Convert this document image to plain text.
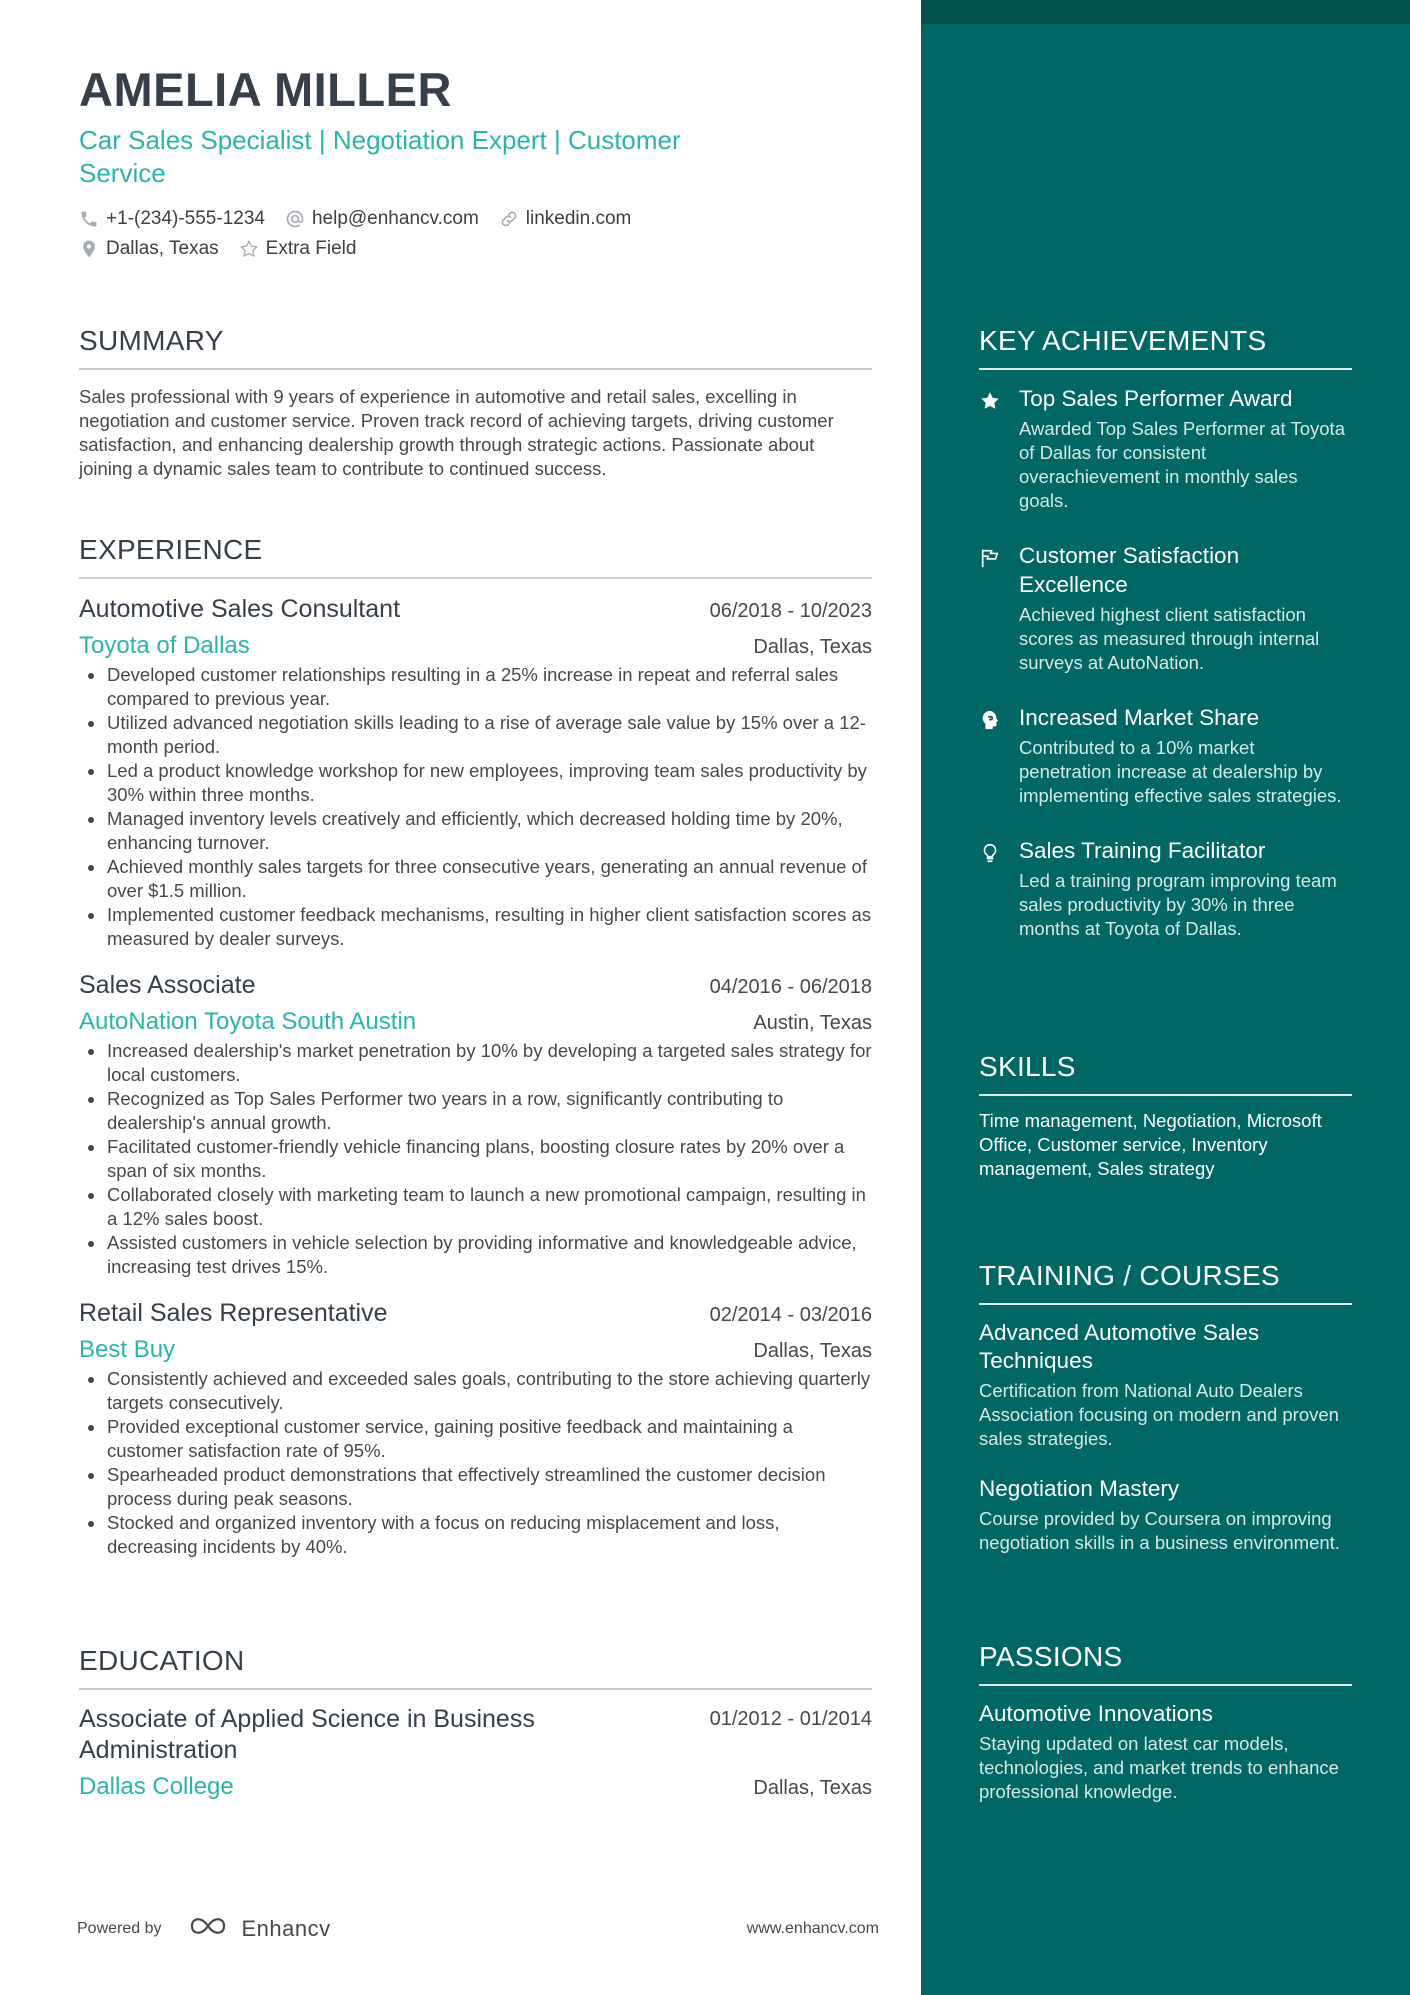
AMELIA MILLER
Car Sales Specialist | Negotiation Expert | Customer Service
+1-(234)-555-1234 help@enhancv.com linkedin.com
Dallas, Texas Extra Field
SUMMARY
Sales professional with 9 years of experience in automotive and retail sales, excelling in negotiation and customer service. Proven track record of achieving targets, driving customer satisfaction, and enhancing dealership growth through strategic actions. Passionate about joining a dynamic sales team to contribute to continued success.
EXPERIENCE
Automotive Sales Consultant	06/2018 - 10/2023
Toyota of Dallas	Dallas, Texas
Developed customer relationships resulting in a 25% increase in repeat and referral sales compared to previous year.
Utilized advanced negotiation skills leading to a rise of average sale value by 15% over a 12-month period.
Led a product knowledge workshop for new employees, improving team sales productivity by 30% within three months.
Managed inventory levels creatively and efficiently, which decreased holding time by 20%, enhancing turnover.
Achieved monthly sales targets for three consecutive years, generating an annual revenue of over $1.5 million.
Implemented customer feedback mechanisms, resulting in higher client satisfaction scores as measured by dealer surveys.
Sales Associate	04/2016 - 06/2018
AutoNation Toyota South Austin	Austin, Texas
Increased dealership's market penetration by 10% by developing a targeted sales strategy for local customers.
Recognized as Top Sales Performer two years in a row, significantly contributing to dealership's annual growth.
Facilitated customer-friendly vehicle financing plans, boosting closure rates by 20% over a span of six months.
Collaborated closely with marketing team to launch a new promotional campaign, resulting in a 12% sales boost.
Assisted customers in vehicle selection by providing informative and knowledgeable advice, increasing test drives 15%.
Retail Sales Representative	02/2014 - 03/2016
Best Buy	Dallas, Texas
Consistently achieved and exceeded sales goals, contributing to the store achieving quarterly targets consecutively.
Provided exceptional customer service, gaining positive feedback and maintaining a customer satisfaction rate of 95%.
Spearheaded product demonstrations that effectively streamlined the customer decision process during peak seasons.
Stocked and organized inventory with a focus on reducing misplacement and loss, decreasing incidents by 40%.
EDUCATION
Associate of Applied Science in Business Administration
01/2012 - 01/2014
Dallas College	Dallas, Texas
Powered by	Enhancv	www.enhancv.com
KEY ACHIEVEMENTS
Top Sales Performer Award
Awarded Top Sales Performer at Toyota of Dallas for consistent overachievement in monthly sales goals.
Customer Satisfaction Excellence
Achieved highest client satisfaction scores as measured through internal surveys at AutoNation.
Increased Market Share
Contributed to a 10% market penetration increase at dealership by implementing effective sales strategies.
Sales Training Facilitator
Led a training program improving team sales productivity by 30% in three months at Toyota of Dallas.
SKILLS
Time management, Negotiation, Microsoft Office, Customer service, Inventory management, Sales strategy
TRAINING / COURSES
Advanced Automotive Sales Techniques
Certification from National Auto Dealers Association focusing on modern and proven sales strategies.
Negotiation Mastery
Course provided by Coursera on improving negotiation skills in a business environment.
PASSIONS
Automotive Innovations
Staying updated on latest car models, technologies, and market trends to enhance professional knowledge.
